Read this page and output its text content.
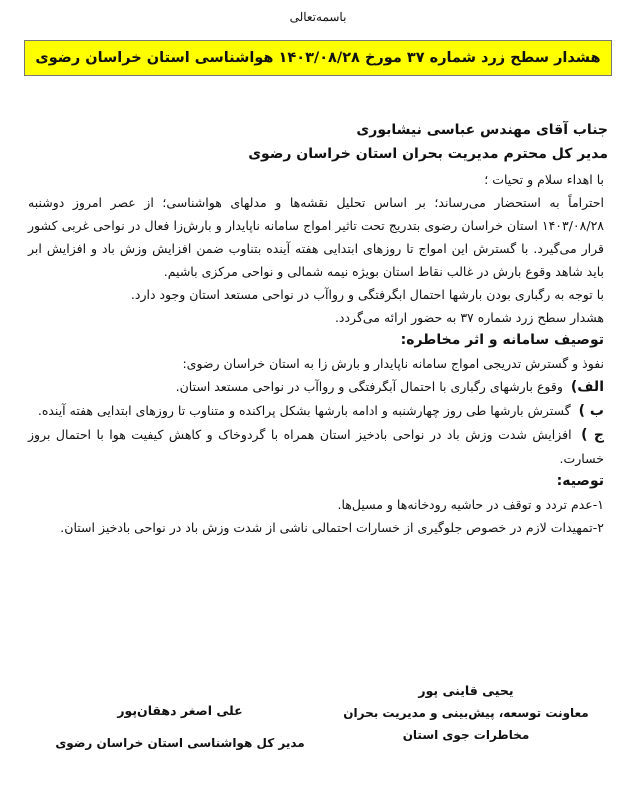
باسمه‌تعالی
هشدار سطح زرد شماره ۳۷ مورخ ۱۴۰۳/۰۸/۲۸ هواشناسی استان خراسان رضوی
جناب آقای مهندس عباسی نیشابوری
مدیر کل محترم مدیریت بحران استان خراسان رضوی

با اهداء سلام و تحیات ؛

احتراماً به استحضار می‌رساند؛ بر اساس تحلیل نقشه‌ها و مدلهای هواشناسی؛ از عصر امروز دوشنبه ۱۴۰۳/۰۸/۲۸ استان خراسان رضوی بتدریج تحت تاثیر امواج سامانه ناپایدار و بارش‌زا فعال در نواحی غربی کشور قرار می‌گیرد. با گسترش این امواج تا روزهای ابتدایی هفته آینده بتناوب ضمن افزایش وزش باد و افزایش ابر باید شاهد وقوع بارش در غالب نقاط استان بویژه نیمه شمالی و نواحی مرکزی باشیم.

با توجه به رگباری بودن بارشها احتمال ابگرفتگی و رواآب در نواحی مستعد استان وجود دارد.

هشدار سطح زرد شماره ۳۷ به حضور ارائه می‌گردد.

توصیف سامانه و اثر مخاطره:

نفوذ و گسترش تدریجی امواج سامانه ناپایدار و بارش زا به استان خراسان رضوی:

الف) وقوع بارشهای رگباری با احتمال آبگرفتگی و رواآب در نواحی مستعد استان.

ب ) گسترش بارشها طی روز چهارشنبه و ادامه بارشها بشکل پراکنده و متناوب تا روزهای ابتدایی هفته آینده.

ج ) افزایش شدت وزش باد در نواحی بادخیز استان همراه با گردوخاک و کاهش کیفیت هوا با احتمال بروز خسارت.

توصیه:

۱-عدم تردد و توقف در حاشیه رودخانه‌ها و مسیل‌ها.

۲-تمهیدات لازم در خصوص جلوگیری از خسارات احتمالی ناشی از شدت وزش باد در نواحی بادخیز استان.

یحیی قاینی پور
معاونت توسعه، پیش‌بینی و مدیریت بحران
مخاطرات جوی استان
علی اصغر دهقان‌پور
مدیر کل هواشناسی استان خراسان رضوی
